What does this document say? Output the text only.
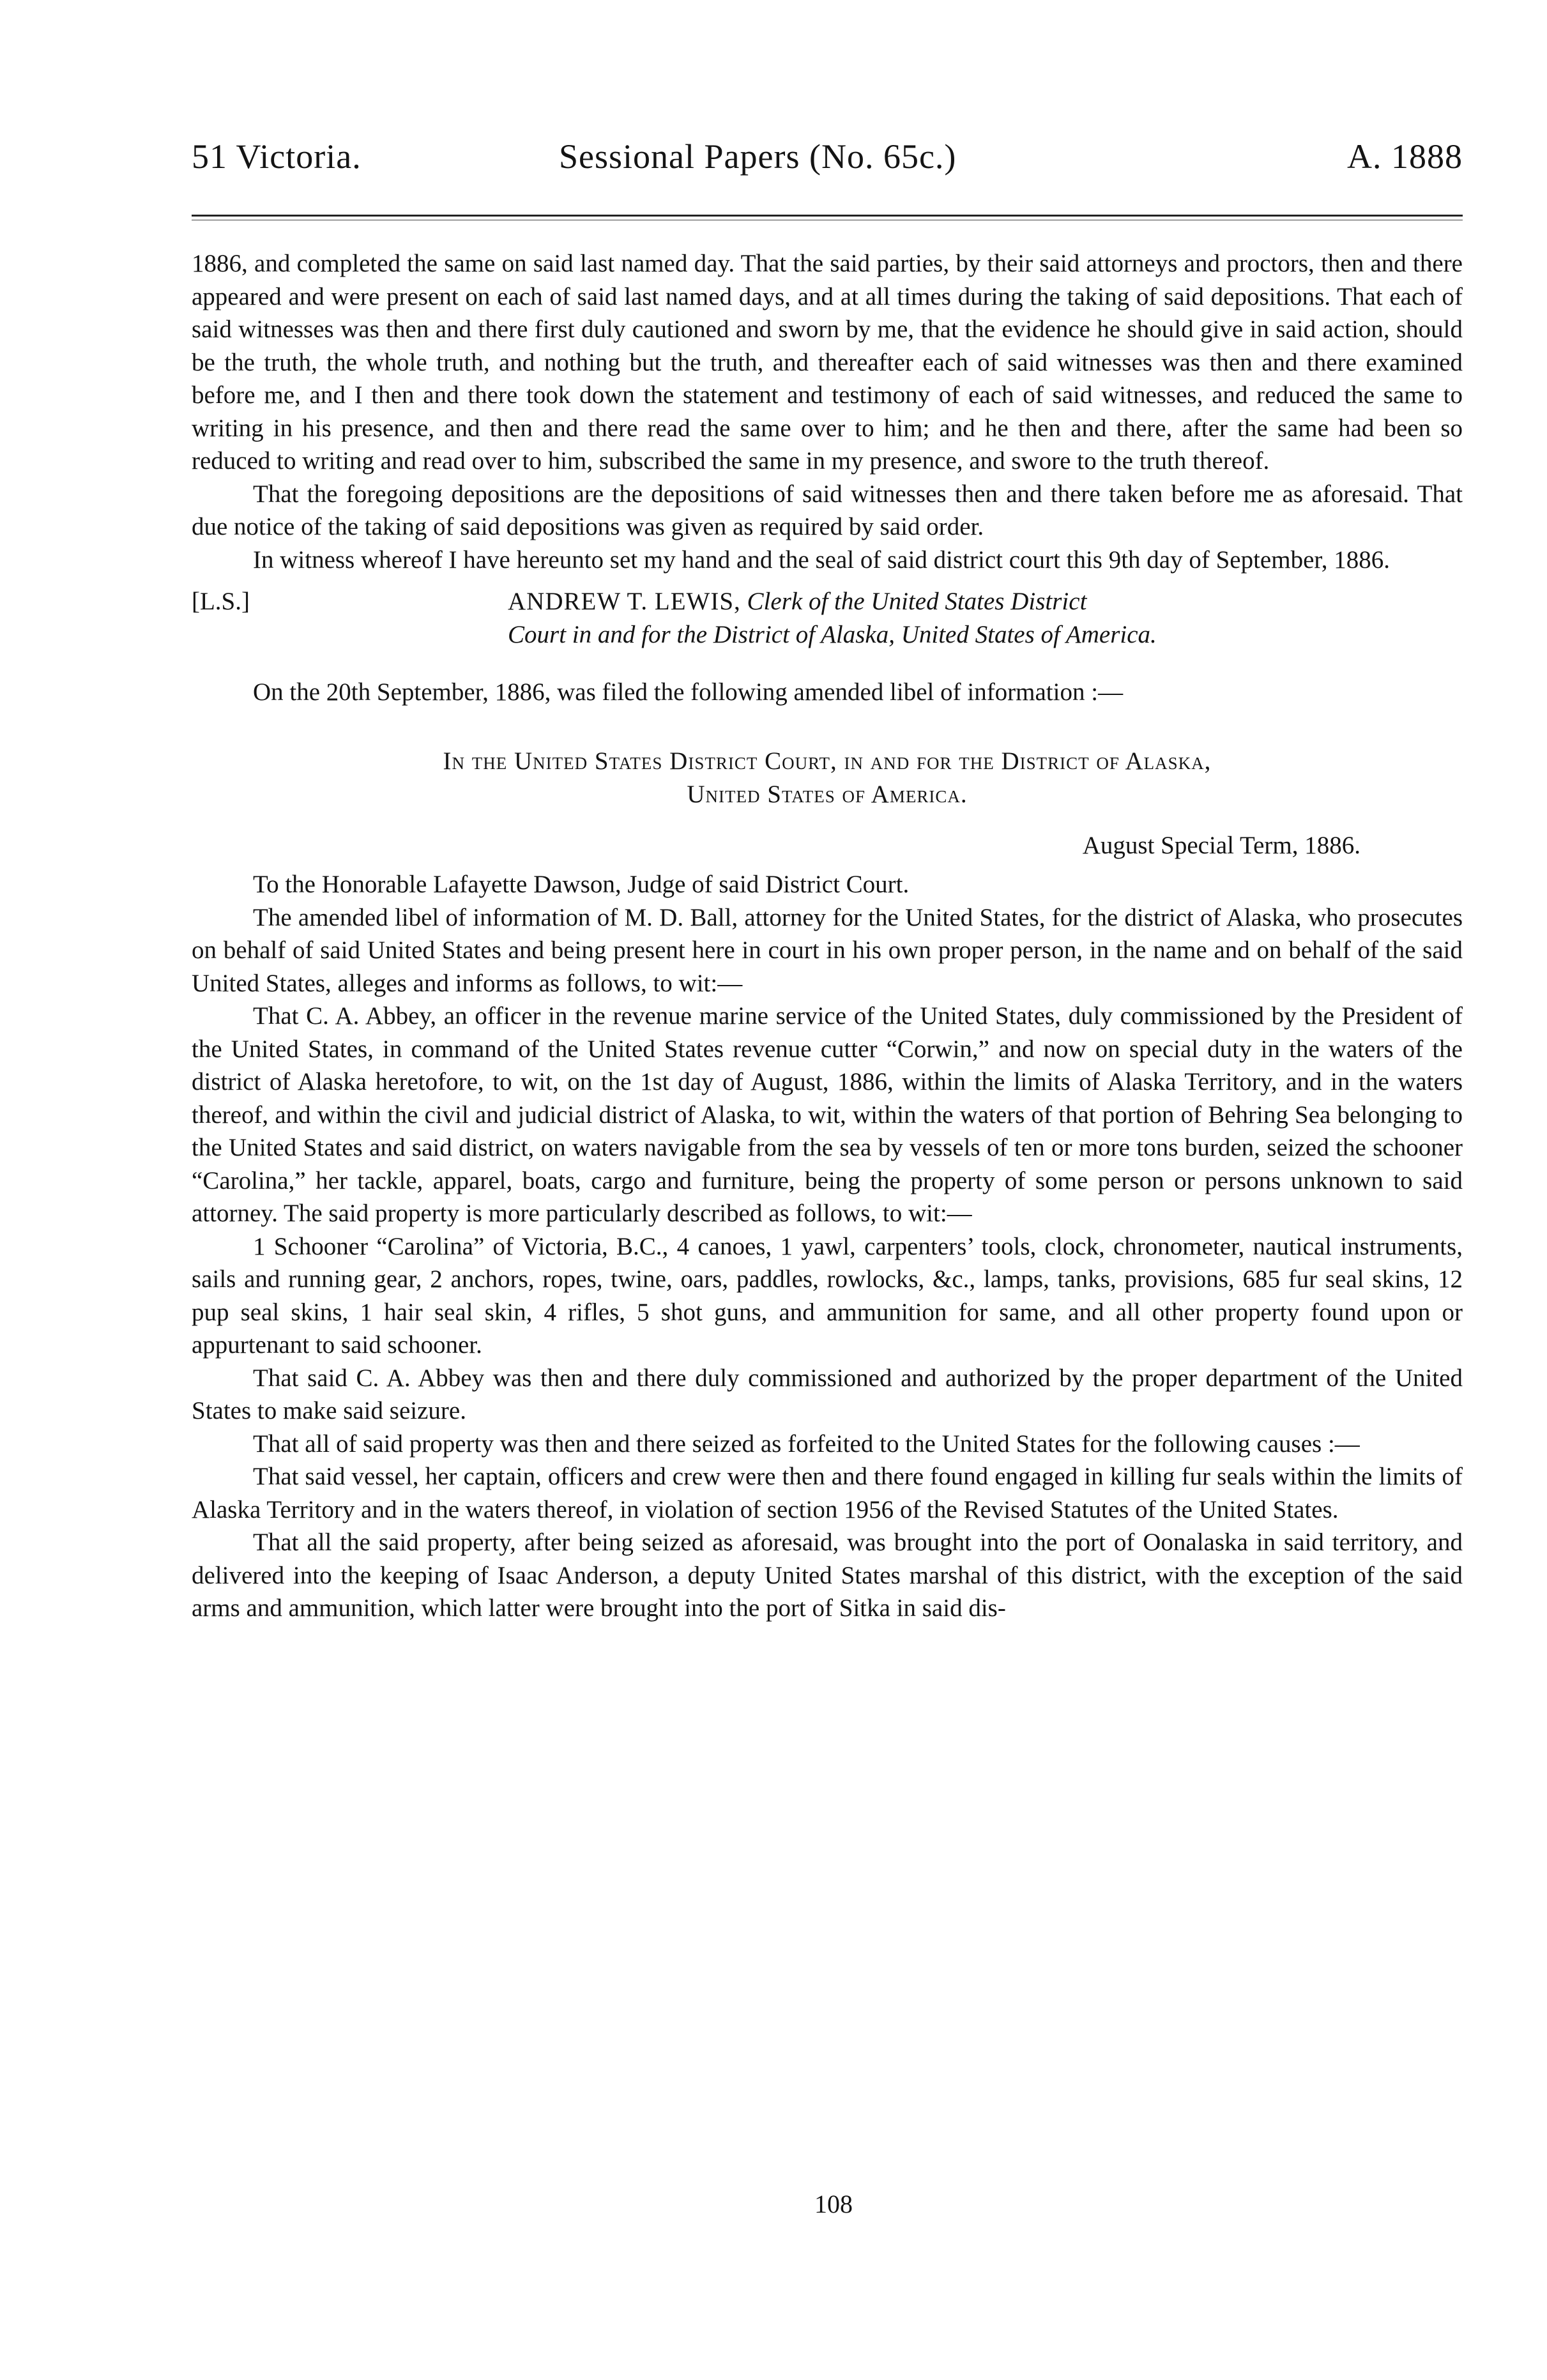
51 Victoria.	Sessional Papers (No. 65c.)	A. 1888

1886, and completed the same on said last named day. That the said parties, by their said attorneys and proctors, then and there appeared and were present on each of said last named days, and at all times during the taking of said depositions. That each of said witnesses was then and there first duly cautioned and sworn by me, that the evidence he should give in said action, should be the truth, the whole truth, and nothing but the truth, and thereafter each of said witnesses was then and there examined before me, and I then and there took down the statement and testimony of each of said witnesses, and reduced the same to writing in his presence, and then and there read the same over to him; and he then and there, after the same had been so reduced to writing and read over to him, subscribed the same in my presence, and swore to the truth thereof.

That the foregoing depositions are the depositions of said witnesses then and there taken before me as aforesaid. That due notice of the taking of said depositions was given as required by said order.

In witness whereof I have hereunto set my hand and the seal of said district court this 9th day of September, 1886.

[L.S.]	ANDREW T. LEWIS, Clerk of the United States District
Court in and for the District of Alaska, United States of America.

On the 20th September, 1886, was filed the following amended libel of information :—

In the United States District Court, in and for the District of Alaska,
United States of America.

August Special Term, 1886.

To the Honorable Lafayette Dawson, Judge of said District Court.

The amended libel of information of M. D. Ball, attorney for the United States, for the district of Alaska, who prosecutes on behalf of said United States and being present here in court in his own proper person, in the name and on behalf of the said United States, alleges and informs as follows, to wit:—

That C. A. Abbey, an officer in the revenue marine service of the United States, duly commissioned by the President of the United States, in command of the United States revenue cutter “Corwin,” and now on special duty in the waters of the district of Alaska heretofore, to wit, on the 1st day of August, 1886, within the limits of Alaska Territory, and in the waters thereof, and within the civil and judicial district of Alaska, to wit, within the waters of that portion of Behring Sea belonging to the United States and said district, on waters navigable from the sea by vessels of ten or more tons burden, seized the schooner “Carolina,” her tackle, apparel, boats, cargo and furniture, being the property of some person or persons unknown to said attorney. The said property is more particularly described as follows, to wit:—

1 Schooner “Carolina” of Victoria, B.C., 4 canoes, 1 yawl, carpenters’ tools, clock, chronometer, nautical instruments, sails and running gear, 2 anchors, ropes, twine, oars, paddles, rowlocks, &c., lamps, tanks, provisions, 685 fur seal skins, 12 pup seal skins, 1 hair seal skin, 4 rifles, 5 shot guns, and ammunition for same, and all other property found upon or appurtenant to said schooner.

That said C. A. Abbey was then and there duly commissioned and authorized by the proper department of the United States to make said seizure.

That all of said property was then and there seized as forfeited to the United States for the following causes :—

That said vessel, her captain, officers and crew were then and there found engaged in killing fur seals within the limits of Alaska Territory and in the waters thereof, in violation of section 1956 of the Revised Statutes of the United States.

That all the said property, after being seized as aforesaid, was brought into the port of Oonalaska in said territory, and delivered into the keeping of Isaac Anderson, a deputy United States marshal of this district, with the exception of the said arms and ammunition, which latter were brought into the port of Sitka in said dis-

108
